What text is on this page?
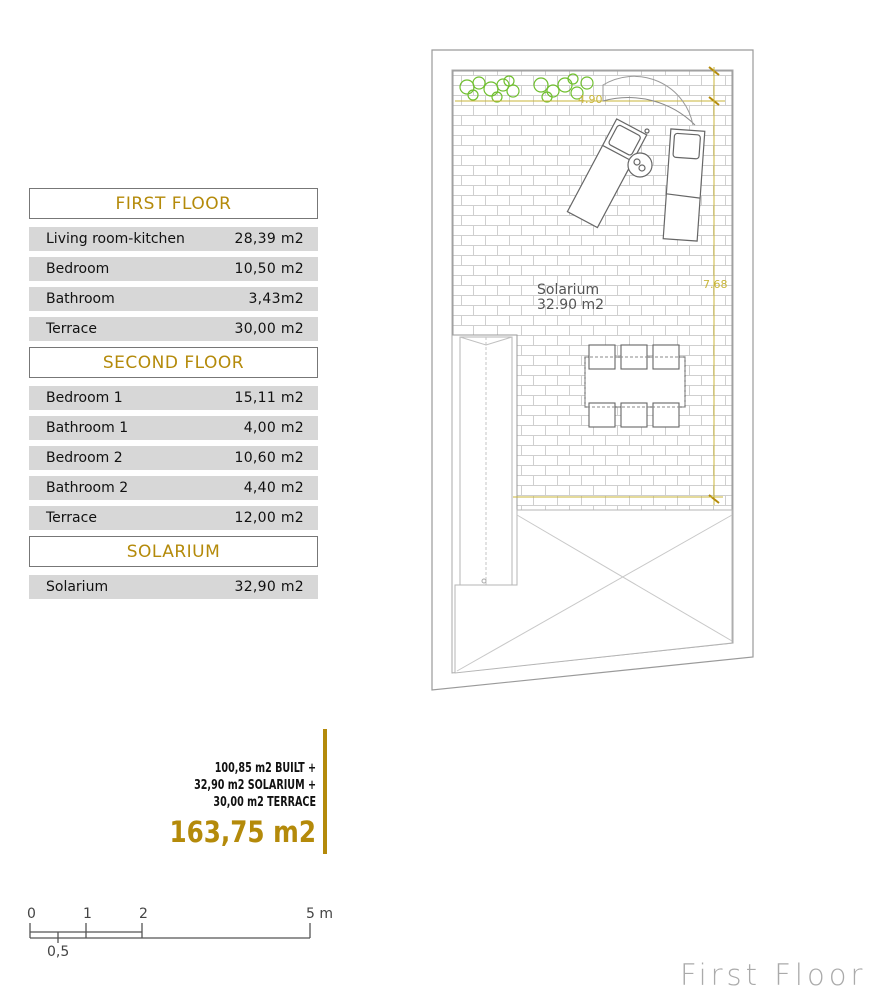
FIRST FLOOR
Living room-kitchen	28,39 m2
Bedroom	10,50 m2
Bathroom	3,43m2
Terrace	30,00 m2
SECOND FLOOR
Bedroom 1	15,11 m2
Bathroom 1	4,00 m2
Bedroom 2	10,60 m2
Bathroom 2	4,40 m2
Terrace	12,00 m2
SOLARIUM
Solarium	32,90 m2
100,85 m2 BUILT +
32,90 m2 SOLARIUM +
30,00 m2 TERRACE
163,75 m2
0	1	2	5 m
0,5
Solarium
32.90 m2
4.90
7.68
First Floor
